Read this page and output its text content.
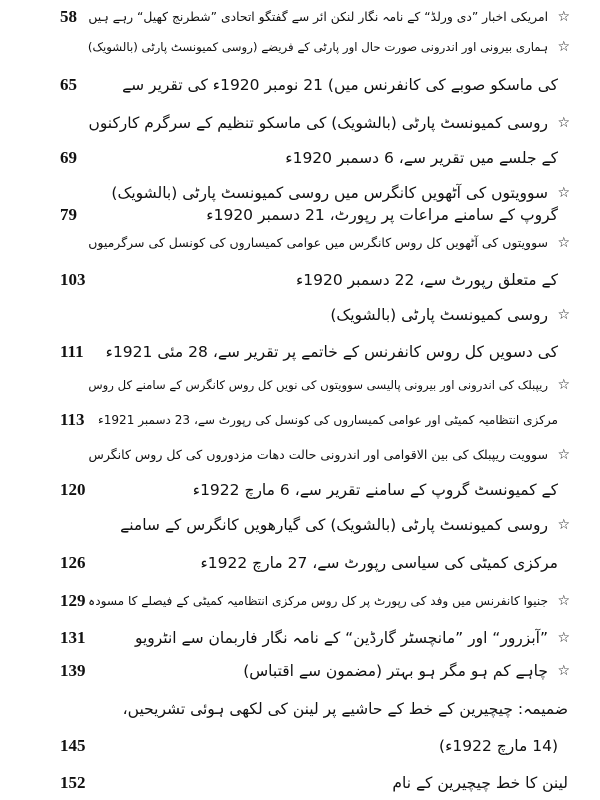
☆
امریکی اخبار ”دی ورلڈ“ کے نامہ نگار لنکن ائر سے گفتگو اتحادی ”شطرنج کھیل“ رہے ہیں
58
☆
ہماری بیرونی اور اندرونی صورت حال اور پارٹی کے فریضے (روسی کمیونسٹ پارٹی (بالشویک)
کی ماسکو صوبے کی کانفرنس میں) 21 نومبر 1920ء کی تقریر سے
65
☆
روسی کمیونسٹ پارٹی (بالشویک) کی ماسکو تنظیم کے سرگرم کارکنوں
کے جلسے میں تقریر سے، 6 دسمبر 1920ء
69
☆
سوویتوں کی آٹھویں کانگرس میں روسی کمیونسٹ پارٹی (بالشویک)
گروپ کے سامنے مراعات پر رپورٹ، 21 دسمبر 1920ء
79
☆
سوویتوں کی آٹھویں کل روس کانگرس میں عوامی کمیساروں کی کونسل کی سرگرمیوں
کے متعلق رپورٹ سے، 22 دسمبر 1920ء
103
☆
روسی کمیونسٹ پارٹی (بالشویک)
کی دسویں کل روس کانفرنس کے خاتمے پر تقریر سے، 28 مئی 1921ء
111
☆
ریپبلک کی اندرونی اور بیرونی پالیسی سوویتوں کی نویں کل روس کانگرس کے سامنے کل روس
مرکزی انتظامیہ کمیٹی اور عوامی کمیساروں کی کونسل کی رپورٹ سے، 23 دسمبر 1921ء
113
☆
سوویت ریپبلک کی بین الاقوامی اور اندرونی حالت دھات مزدوروں کی کل روس کانگرس
کے کمیونسٹ گروپ کے سامنے تقریر سے، 6 مارچ 1922ء
120
☆
روسی کمیونسٹ پارٹی (بالشویک) کی گیارھویں کانگرس کے سامنے
مرکزی کمیٹی کی سیاسی رپورٹ سے، 27 مارچ 1922ء
126
☆
جنیوا کانفرنس میں وفد کی رپورٹ پر کل روس مرکزی انتظامیہ کمیٹی کے فیصلے کا مسودہ
129
☆
”آبزرور“ اور ”مانچسٹر گارڈین“ کے نامہ نگار فاربمان سے انٹرویو
131
☆
چاہے کم ہو مگر ہو بہتر (مضمون سے اقتباس)
139
ضمیمہ: چیچیرین کے خط کے حاشیے پر لینن کی لکھی ہوئی تشریحیں،
(14 مارچ 1922ء)
145
لینن کا خط چیچیرین کے نام
152
